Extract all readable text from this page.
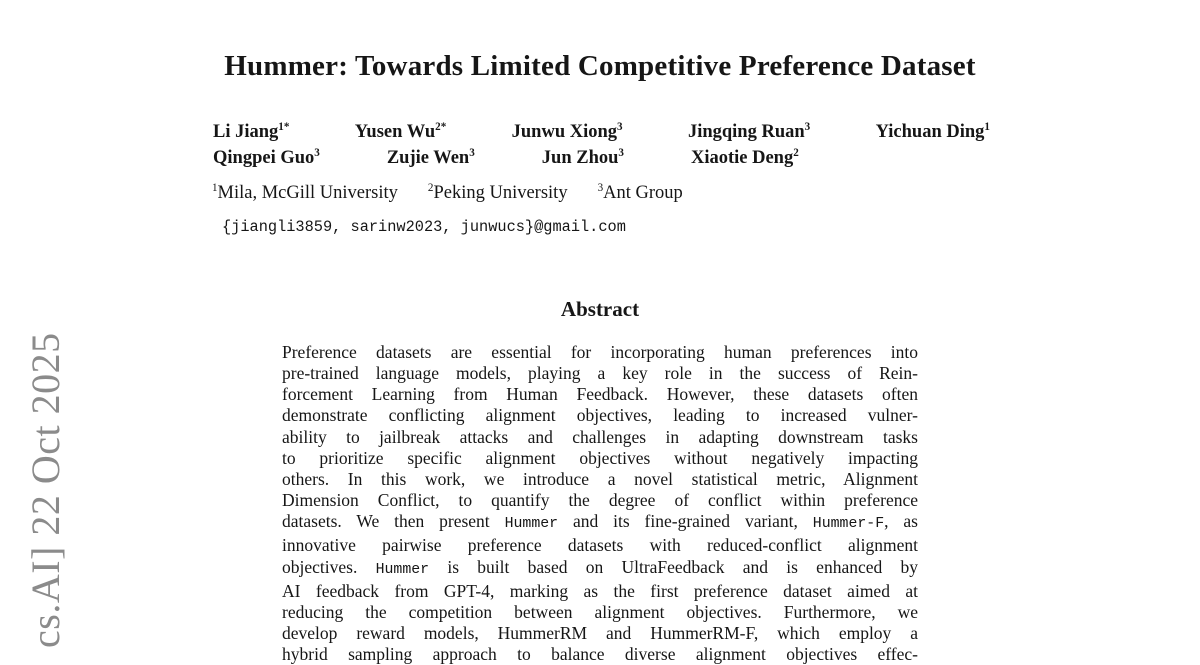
cs.AI] 22 Oct 2025
Hummer: Towards Limited Competitive Preference Dataset
Li Jiang$^{1*}$	Yusen $Wu^{2*}$	Junwu Xiong$^3$	Jingqing Ruan$^3$	Yichuan Ding$^1$
Qingpei Guo$^3$	Zujie Wen$^3$	Jun Zhou$^3$	Xiaotie Deng$^2$
$^1$Mila, McGill University	$^2$Peking University	$^3$Ant Group
{jiangli3859, sarinw2023, junwucs}@gmail.com
Abstract
Preference datasets are essential for incorporating human preferences into
pre-trained language models, playing a key role in the success of Rein-
forcement Learning from Human Feedback. However, these datasets often
demonstrate conflicting alignment objectives, leading to increased vulner-
ability to jailbreak attacks and challenges in adapting downstream tasks
to prioritize specific alignment objectives without negatively impacting
others. In this work, we introduce a novel statistical metric, Alignment
Dimension Conflict, to quantify the degree of conflict within preference
datasets. We then present Hummer and its fine-grained variant, Hummer-F, as
innovative pairwise preference datasets with reduced-conflict alignment
objectives. Hummer is built based on UltraFeedback and is enhanced by
AI feedback from GPT-4, marking as the first preference dataset aimed at
reducing the competition between alignment objectives. Furthermore, we
develop reward models, HummerRM and HummerRM-F, which employ a
hybrid sampling approach to balance diverse alignment objectives effec-
